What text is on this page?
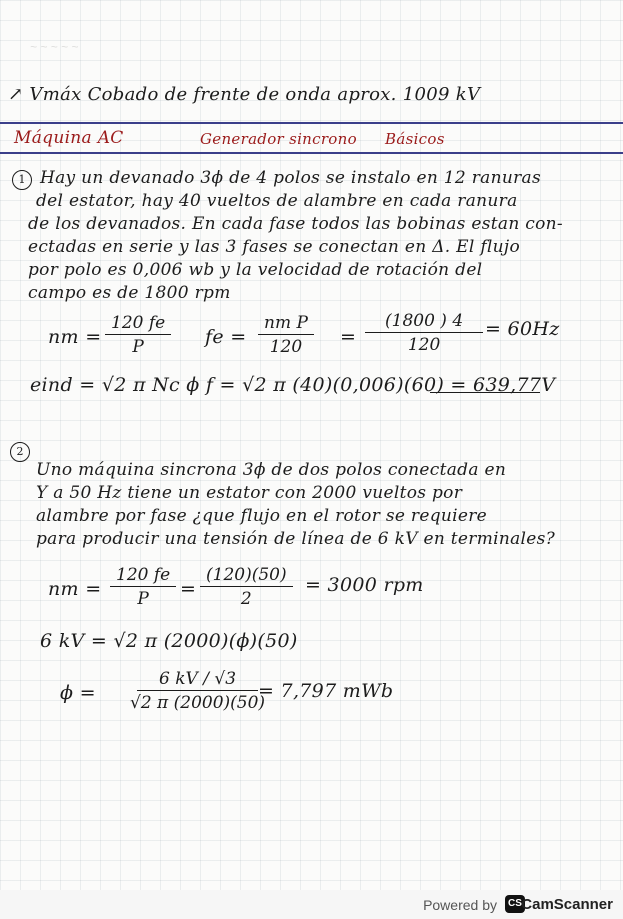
~ ~ ~ ~ ~
↗ Vmáx Cobado de frente de onda aprox. 1009 kV
Máquina AC	Generador sincrono Básicos
1 Hay un devanado 3ϕ de 4 polos se instalo en 12 ranuras
del estator, hay 40 vueltos de alambre en cada ranura
de los devanados. En cada fase todos las bobinas estan con-
ectadas en serie y las 3 fases se conectan en Δ. El flujo
por polo es 0,006 wb y la velocidad de rotación del
campo es de 1800 rpm
nm = $\frac{120 fe}{P}$ fe = $\frac{\text{nm P}}{120} = \frac{(1800 ) 4}{120} = 60Hz$
eind = √2 π Nc ϕ f = √2 π (40)(0,006)(60) = 639,77V
2
Uno máquina sincrona 3ϕ de dos polos conectada en
Y a 50 Hz tiene un estator con 2000 vueltos por
alambre por fase ¿que flujo en el rotor se requiere
para producir una tensión de línea de 6 kV en terminales?
nm = $\frac{120 fe}{P} = \frac{(120)(50)}{2} = 3000$ rpm
6 kV = √2 π (2000)(ϕ)(50)
$\phi = \frac{6 kV / √3}{√2 \pi (2000)(50)}$
= 7,797 mWb
Powered by	CS CamScanner
